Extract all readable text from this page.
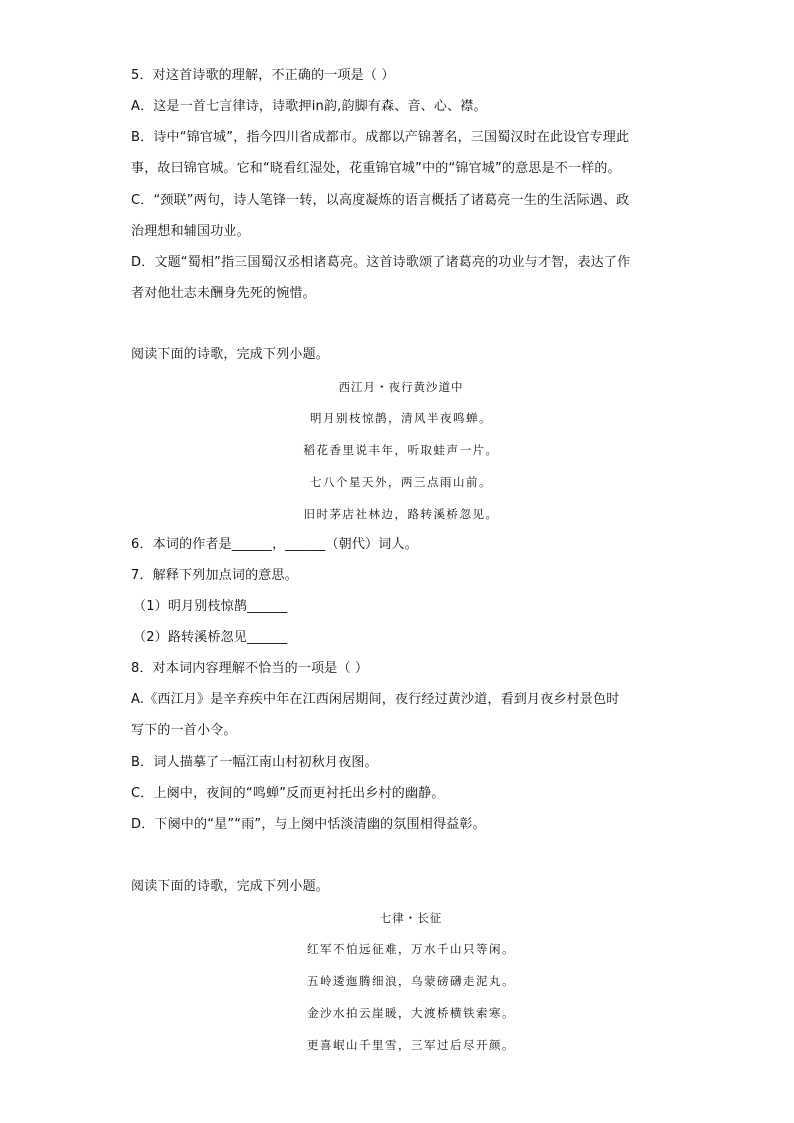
5．对这首诗歌的理解，不正确的一项是（ ）
A．这是一首七言律诗，诗歌押in韵,韵脚有森、音、心、襟。
B．诗中“锦官城”，指今四川省成都市。成都以产锦著名，三国蜀汉时在此设官专理此
事，故曰锦官城。它和“晓看红湿处，花重锦官城”中的“锦官城”的意思是不一样的。
C．“颈联”两句，诗人笔锋一转，以高度凝炼的语言概括了诸葛亮一生的生活际遇、政
治理想和辅国功业。
D．文题“蜀相”指三国蜀汉丞相诸葛亮。这首诗歌颂了诸葛亮的功业与才智，表达了作
者对他壮志未酬身先死的惋惜。
阅读下面的诗歌，完成下列小题。
西江月・夜行黄沙道中
明月别枝惊鹊，清风半夜鸣蝉。
稻花香里说丰年，听取蛙声一片。
七八个星天外，两三点雨山前。
旧时茅店社林边，路转溪桥忽见。
6．本词的作者是______，______（朝代）词人。
7．解释下列加点词的意思。
（1）明月别枝惊鹊______
（2）路转溪桥忽见______
8．对本词内容理解不恰当的一项是（ ）
A.《西江月》是辛弃疾中年在江西闲居期间，夜行经过黄沙道，看到月夜乡村景色时
写下的一首小令。
B．词人描摹了一幅江南山村初秋月夜图。
C．上阕中，夜间的“鸣蝉”反而更衬托出乡村的幽静。
D．下阕中的“星”“雨”，与上阕中恬淡清幽的氛围相得益彰。
阅读下面的诗歌，完成下列小题。
七律・长征
红军不怕远征难，万水千山只等闲。
五岭逶迤腾细浪，乌蒙磅礴走泥丸。
金沙水拍云崖暖，大渡桥横铁索寒。
更喜岷山千里雪，三军过后尽开颜。
